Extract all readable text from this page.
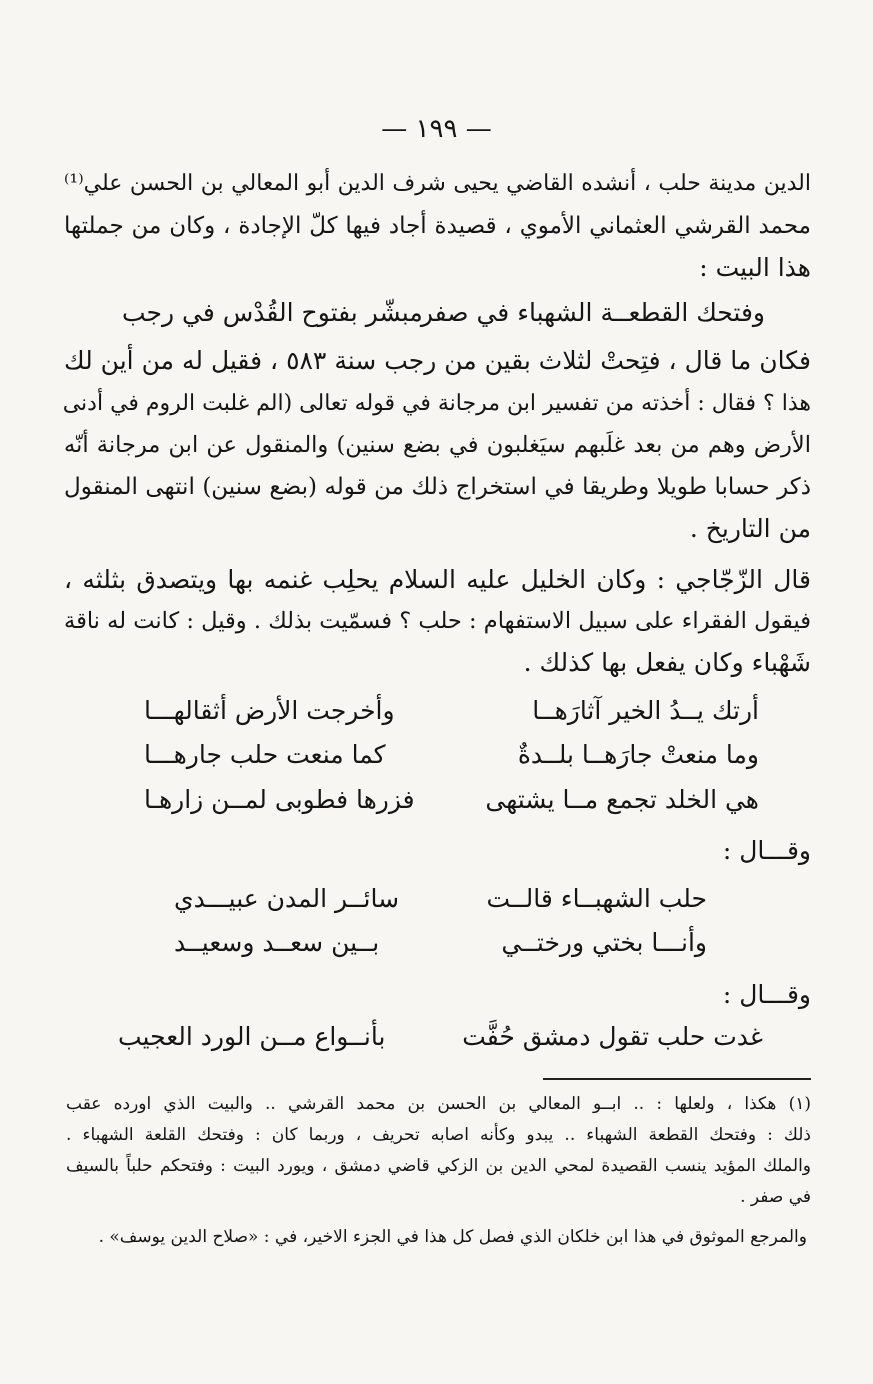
— ١٩٩ —
الدين مدينة حلب ، أنشده القاضي يحيى شرف الدين أبو المعالي بن الحسن علي⁽¹⁾
محمد القرشي العثماني الأموي ، قصيدة أجاد فيها كلّ الإجادة ، وكان من جملتها
هذا البيت :
وفتحك القطعــة الشهباء في صفر
مبشّر بفتوح القُدْس في رجب
فكان ما قال ، فتِحتْ لثلاث بقين من رجب سنة ٥٨٣ ، فقيل له من أين لك
هذا ؟ فقال : أخذته من تفسير ابن مرجانة في قوله تعالى (الم غلبت الروم في أدنى
الأرض وهم من بعد غلَبهم سيَغلبون في بضع سنين) والمنقول عن ابن مرجانة أنّه
ذكر حسابا طويلا وطريقا في استخراج ذلك من قوله (بضع سنين) انتهى المنقول
من التاريخ .
قال الزّجّاجي : وكان الخليل عليه السلام يحلِب غنمه بها ويتصدق بثلثه ،
فيقول الفقراء على سبيل الاستفهام : حلب ؟ فسمّيت بذلك . وقيل : كانت له ناقة
شَهْباء وكان يفعل بها كذلك .
أرتك يــدُ الخير آثارَهــا
وأخرجت الأرض أثقالهـــا
وما منعتْ جارَهــا بلــدةٌ
كما منعت حلب جارهـــا
هي الخلد تجمع مــا يشتهى
فزرها فطوبى لمــن زارهـا
وقـــال :
حلب الشهبــاء قالــت
سائــر المدن عبيـــدي
وأنـــا بختي ورختــي
بــين سعــد وسعيــد
وقـــال :
غدت حلب تقول دمشق حُفَّت
بأنــواع مــن الورد العجيب
(١) هكذا ، ولعلها : .. ابــو المعالي بن الحسن بن محمد القرشي .. والبيت الذي اورده عقب
ذلك : وفتحك القطعة الشهباء .. يبدو وكأنه اصابه تحريف ، وربما كان : وفتحك القلعة الشهباء .
والملك المؤيد ينسب القصيدة لمحي الدين بن الزكي قاضي دمشق ، ويورد البيت : وفتحكم حلباً بالسيف
في صفر .
والمرجع الموثوق في هذا ابن خلكان الذي فصل كل هذا في الجزء الاخير، في : «صلاح الدين يوسف» .
